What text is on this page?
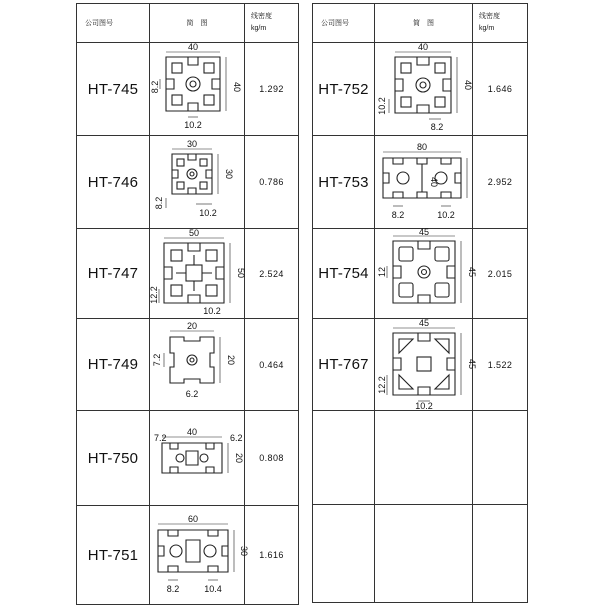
公司图号	简　图	线密度
kg/m
HT-745	40
40
8.2
10.2	1.292
HT-746	30
30
8.2
10.2	0.786
HT-747	50
50
12.2
10.2	2.524
HT-749	20
20
7.2
6.2	0.464
HT-750	40
20
7.2 6.2	0.808
HT-751	60
30
8.2 10.4	1.616
公司图号	简　图	线密度
kg/m
HT-752	40
40
10.2
8.2	1.646
HT-753	80
40
8.2 10.2	2.952
HT-754	45
45
12	2.015
HT-767	45
45
12.2
10.2	1.522
